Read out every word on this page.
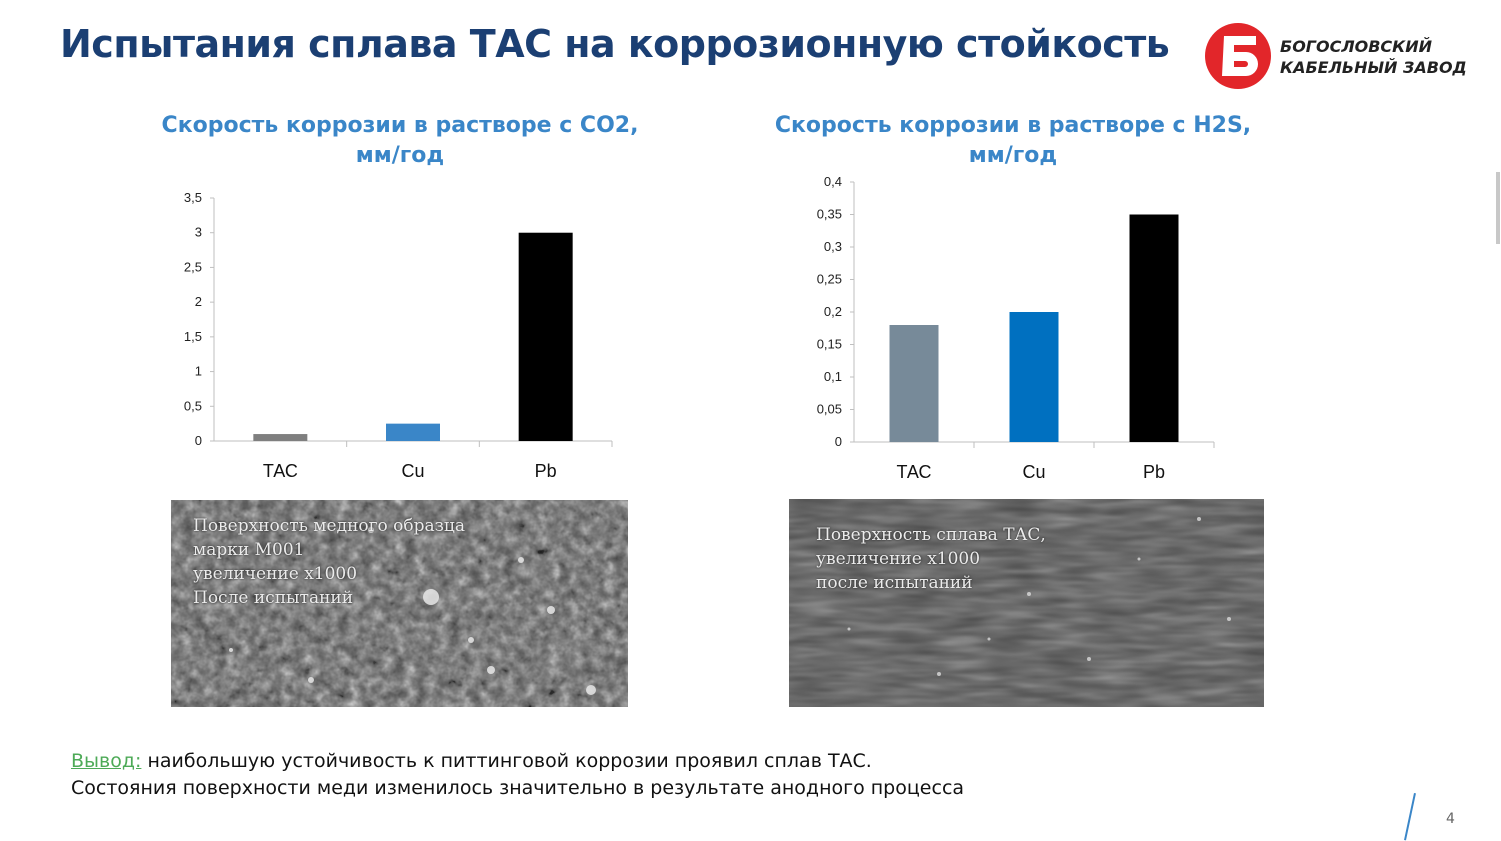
Испытания сплава ТАС на коррозионную стойкость	БОГОСЛОВСКИЙ
КАБЕЛЬНЫЙ ЗАВОД
Скорость коррозии в растворе с СО2,
мм/год
0
0,5
1
1,5
2
2,5
3
3,5
ТАС	Cu	Pb
Скорость коррозии в растворе с H2S,
мм/год
0
0,05
0,1
0,15
0,2
0,25
0,3
0,35
0,4
ТАС	Cu	Pb
Поверхность медного образца
марки М001
увеличение х1000
После испытаний
Поверхность сплава ТАС,
увеличение х1000
после испытаний
Вывод: наибольшую устойчивость к питтинговой коррозии проявил сплав ТАС.
Состояния поверхности меди изменилось значительно в результате анодного процесса
4
